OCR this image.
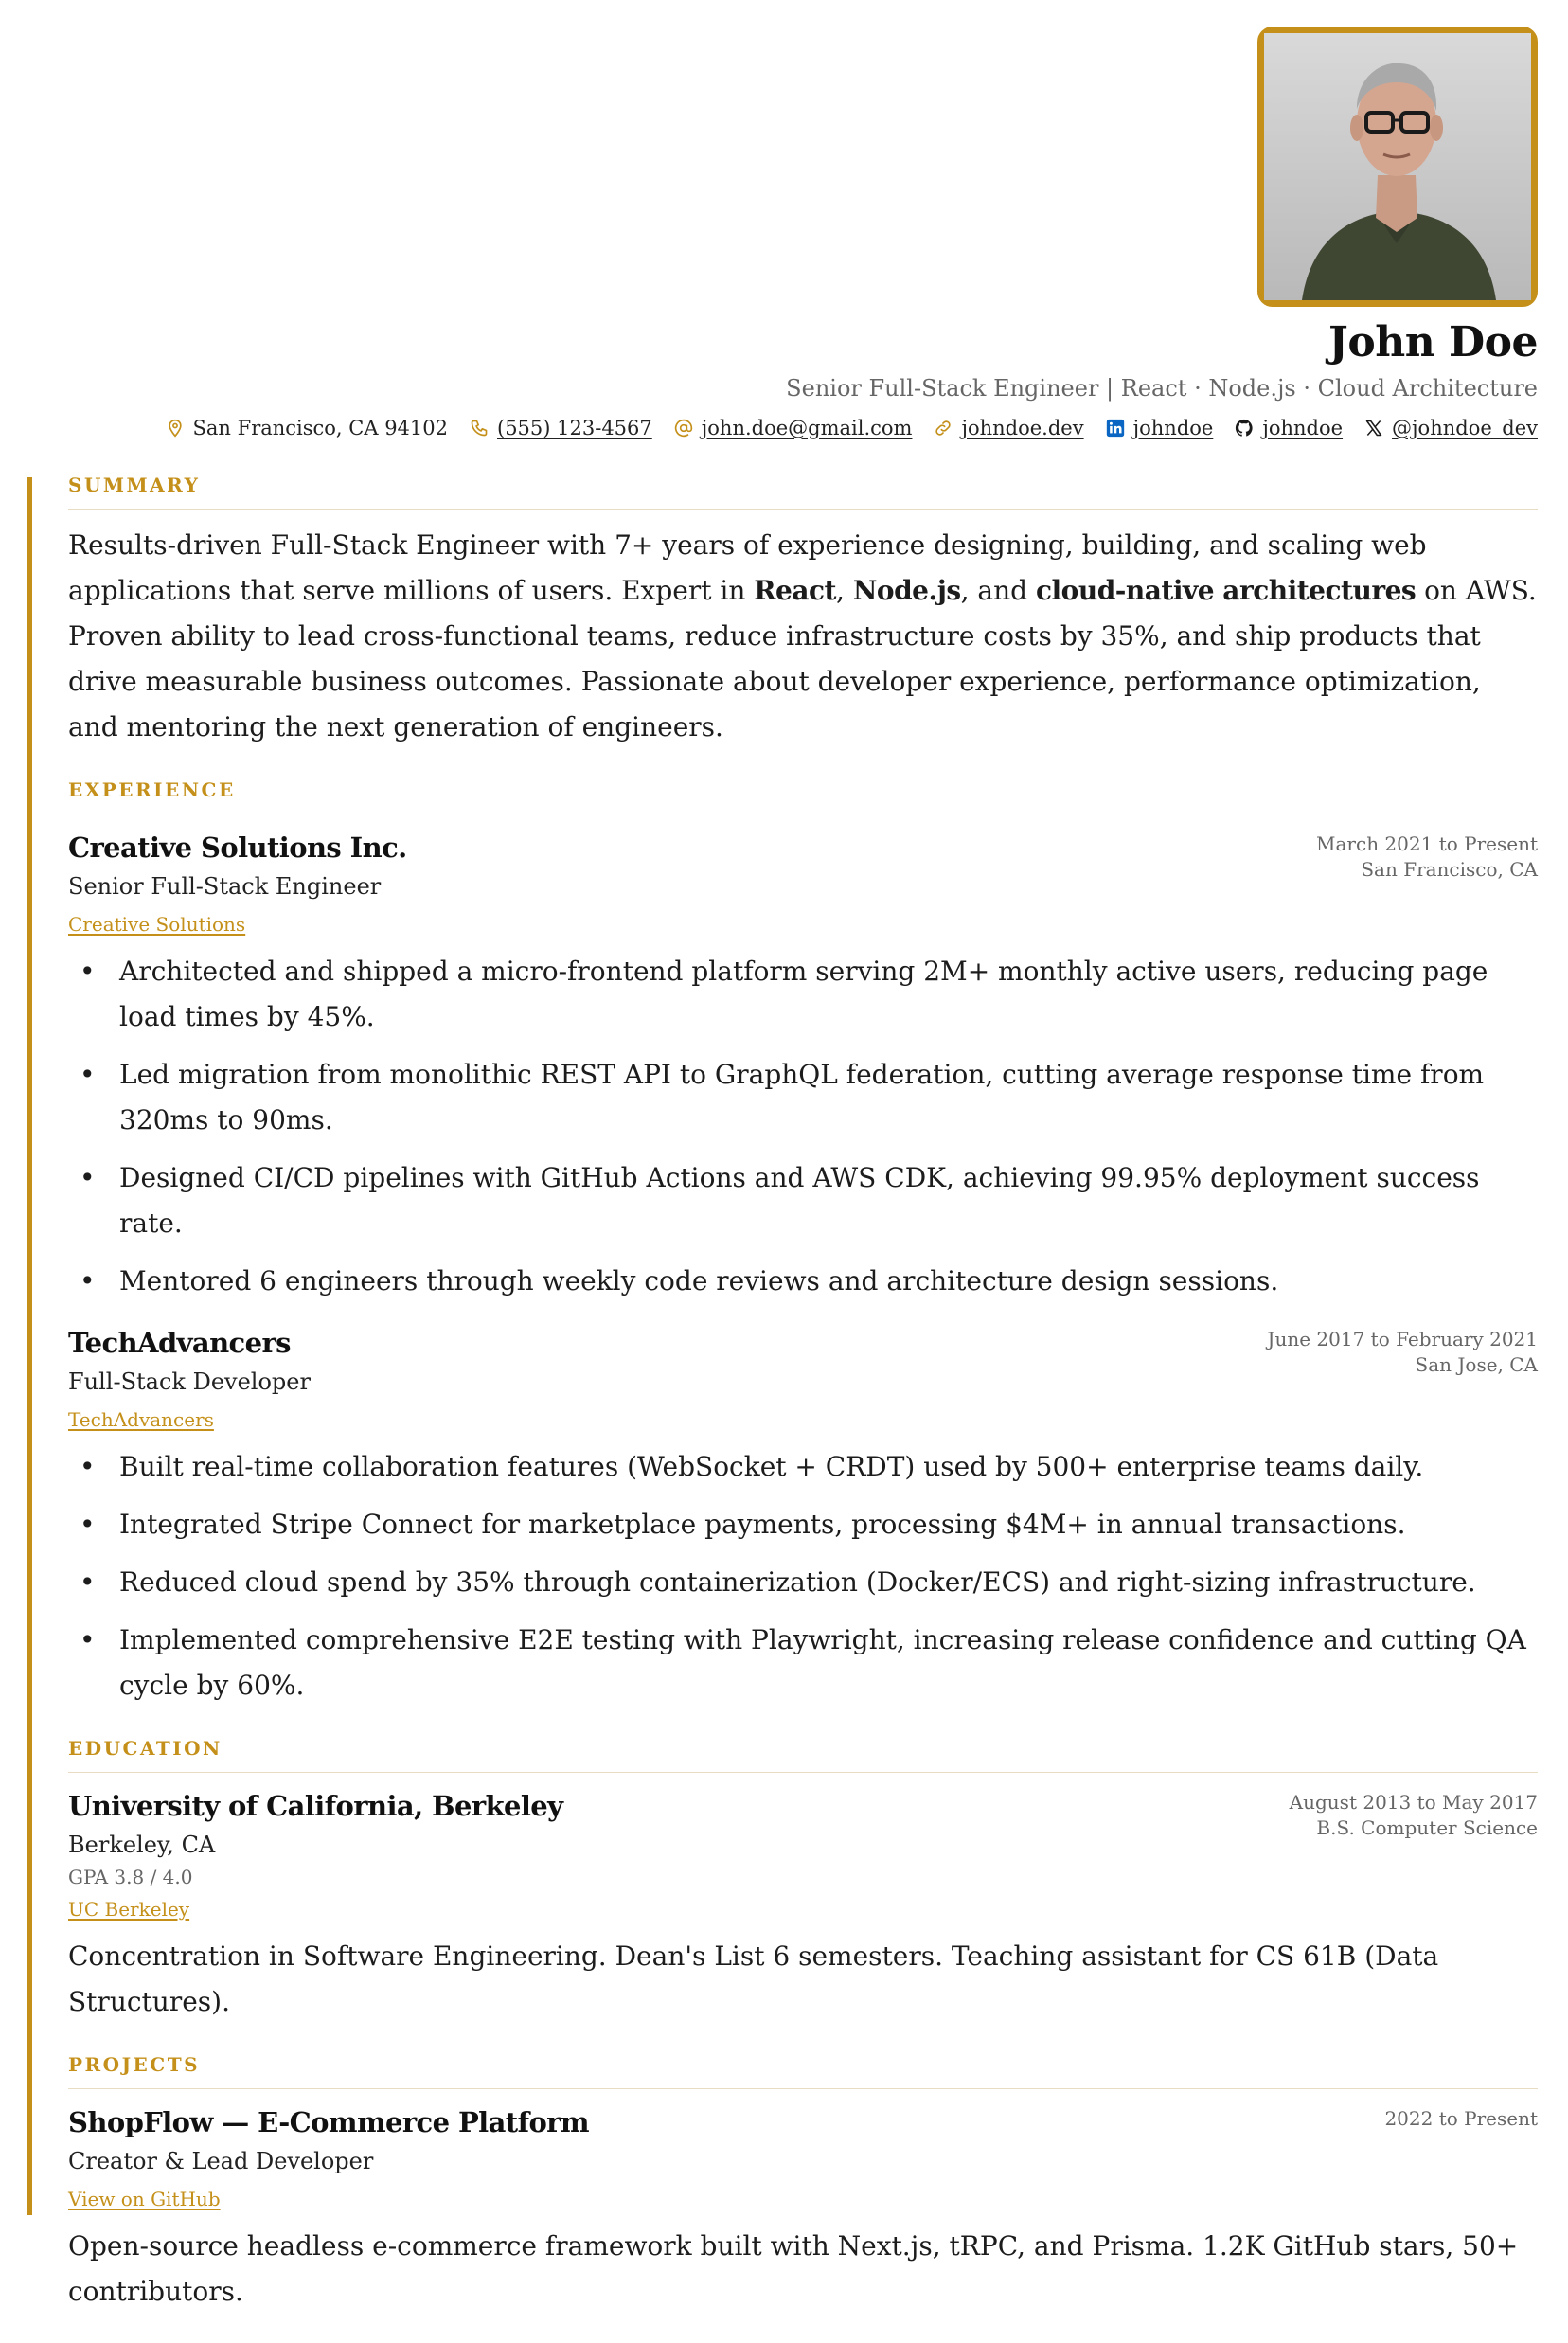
John Doe
Senior Full-Stack Engineer | React · Node.js · Cloud Architecture
San Francisco, CA 94102 (555) 123-4567 john.doe@gmail.com johndoe.dev johndoe johndoe @johndoe_dev
SUMMARY

Results-driven Full-Stack Engineer with 7+ years of experience designing, building, and scaling web applications that serve millions of users. Expert in React, Node.js, and cloud-native architectures on AWS. Proven ability to lead cross-functional teams, reduce infrastructure costs by 35%, and ship products that drive measurable business outcomes. Passionate about developer experience, performance optimization, and mentoring the next generation of engineers.

EXPERIENCE
Creative Solutions Inc.
Senior Full-Stack Engineer
Creative Solutions
March 2021 to Present
San Francisco, CA
• Architected and shipped a micro-frontend platform serving 2M+ monthly active users, reducing page load times by 45%.
• Led migration from monolithic REST API to GraphQL federation, cutting average response time from 320ms to 90ms.
• Designed CI/CD pipelines with GitHub Actions and AWS CDK, achieving 99.95% deployment success rate.
• Mentored 6 engineers through weekly code reviews and architecture design sessions.
TechAdvancers
Full-Stack Developer
TechAdvancers
June 2017 to February 2021
San Jose, CA
• Built real-time collaboration features (WebSocket + CRDT) used by 500+ enterprise teams daily.
• Integrated Stripe Connect for marketplace payments, processing $4M+ in annual transactions.
• Reduced cloud spend by 35% through containerization (Docker/ECS) and right-sizing infrastructure.
• Implemented comprehensive E2E testing with Playwright, increasing release confidence and cutting QA cycle by 60%.
EDUCATION
University of California, Berkeley
Berkeley, CA
GPA 3.8 / 4.0
UC Berkeley
August 2013 to May 2017
B.S. Computer Science

Concentration in Software Engineering. Dean's List 6 semesters. Teaching assistant for CS 61B (Data Structures).

PROJECTS
ShopFlow — E-Commerce Platform
Creator & Lead Developer
View on GitHub
2022 to Present

Open-source headless e-commerce framework built with Next.js, tRPC, and Prisma. 1.2K GitHub stars, 50+ contributors.
